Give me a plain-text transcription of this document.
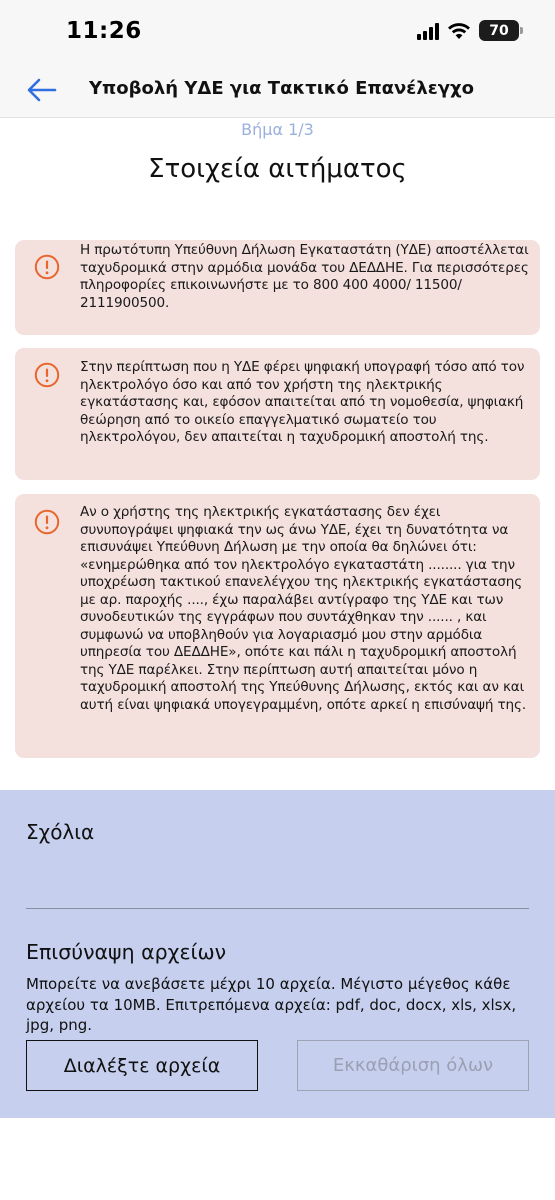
11:26	70
Υποβολή ΥΔΕ για Τακτικό Επανέλεγχο
Βήμα 1/3
Στοιχεία αιτήματος
Η πρωτότυπη Υπεύθυνη Δήλωση Εγκαταστάτη (ΥΔΕ) αποστέλλεται ταχυδρομικά στην αρμόδια μονάδα του ΔΕΔΔΗΕ. Για περισσότερες πληροφορίες επικοινωνήστε με το 800 400 4000/ 11500/ 2111900500.
Στην περίπτωση που η ΥΔΕ φέρει ψηφιακή υπογραφή τόσο από τον ηλεκτρολόγο όσο και από τον χρήστη της ηλεκτρικής εγκατάστασης και, εφόσον απαιτείται από τη νομοθεσία, ψηφιακή θεώρηση από το οικείο επαγγελματικό σωματείο του ηλεκτρολόγου, δεν απαιτείται η ταχυδρομική αποστολή της.
Αν ο χρήστης της ηλεκτρικής εγκατάστασης δεν έχει συνυπογράψει ψηφιακά την ως άνω ΥΔΕ, έχει τη δυνατότητα να επισυνάψει Υπεύθυνη Δήλωση με την οποία θα δηλώνει ότι: «ενημερώθηκα από τον ηλεκτρολόγο εγκαταστάτη ........ για την υποχρέωση τακτικού επανελέγχου της ηλεκτρικής εγκατάστασης με αρ. παροχής ...., έχω παραλάβει αντίγραφο της ΥΔΕ και των συνοδευτικών της εγγράφων που συντάχθηκαν την ...... , και συμφωνώ να υποβληθούν για λογαριασμό μου στην αρμόδια υπηρεσία του ΔΕΔΔΗΕ», οπότε και πάλι η ταχυδρομική αποστολή της ΥΔΕ παρέλκει. Στην περίπτωση αυτή απαιτείται μόνο η ταχυδρομική αποστολή της Υπεύθυνης Δήλωσης, εκτός και αν και αυτή είναι ψηφιακά υπογεγραμμένη, οπότε αρκεί η επισύναψή της.
Σχόλια
Επισύναψη αρχείων
Μπορείτε να ανεβάσετε μέχρι 10 αρχεία. Μέγιστο μέγεθος κάθε αρχείου τα 10MB. Επιτρεπόμενα αρχεία: pdf, doc, docx, xls, xlsx, jpg, png.
Διαλέξτε αρχεία	Εκκαθάριση όλων
